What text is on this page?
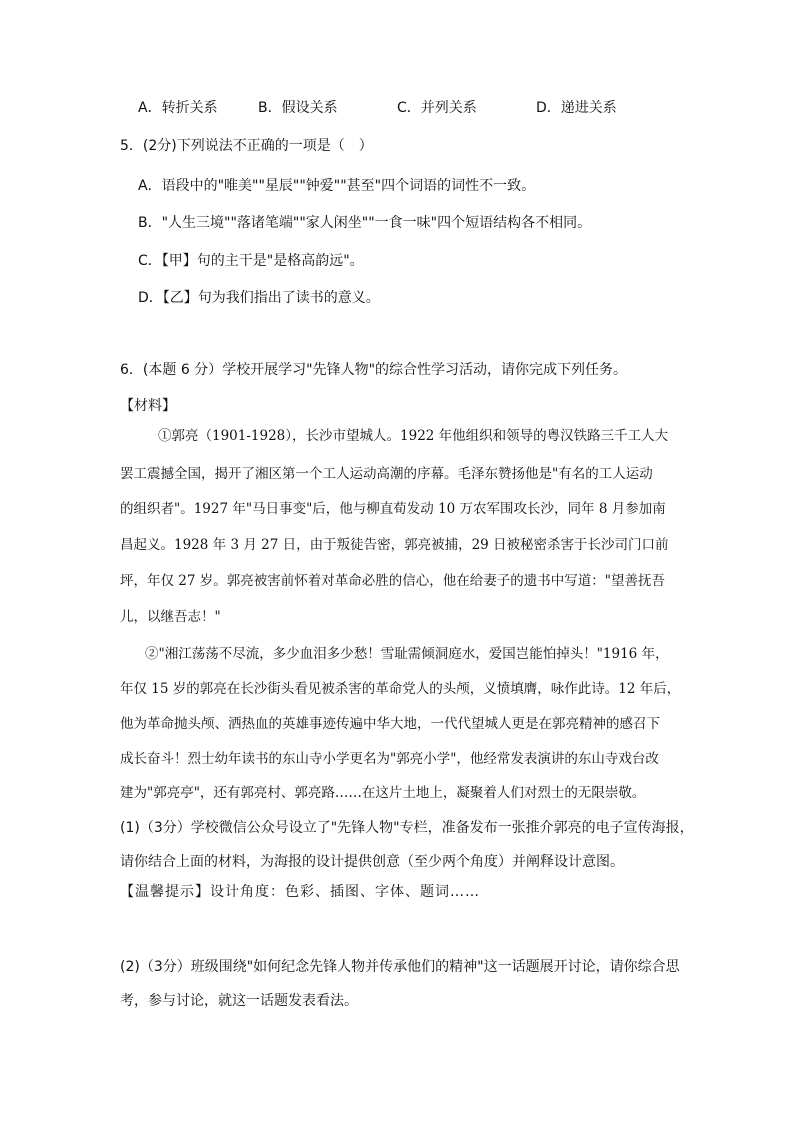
A．转折关系	B．假设关系	C．并列关系	D．递进关系
5．(2分)下列说法不正确的一项是（　）
A．语段中的"唯美""星辰""钟爱""甚至"四个词语的词性不一致。
B．"人生三境""落诸笔端""家人闲坐""一食一味"四个短语结构各不相同。
C．【甲】句的主干是"是格高韵远"。
D．【乙】句为我们指出了读书的意义。
6．(本题 6 分）学校开展学习"先锋人物"的综合性学习活动，请你完成下列任务。
【材料】
①郭亮（1901-1928），长沙市望城人。1922 年他组织和领导的粤汉铁路三千工人大
罢工震撼全国，揭开了湘区第一个工人运动高潮的序幕。毛泽东赞扬他是"有名的工人运动
的组织者"。1927 年"马日事变"后，他与柳直荀发动 10 万农军围攻长沙，同年 8 月参加南
昌起义。1928 年 3 月 27 日，由于叛徒告密，郭亮被捕，29 日被秘密杀害于长沙司门口前
坪，年仅 27 岁。郭亮被害前怀着对革命必胜的信心，他在给妻子的遗书中写道："望善抚吾
儿，以继吾志！"
②"湘江荡荡不尽流，多少血泪多少愁！雪耻需倾洞庭水，爱国岂能怕掉头！"1916 年，
年仅 15 岁的郭亮在长沙街头看见被杀害的革命党人的头颅，义愤填膺，咏作此诗。12 年后，
他为革命抛头颅、洒热血的英雄事迹传遍中华大地，一代代望城人更是在郭亮精神的感召下
成长奋斗！烈士幼年读书的东山寺小学更名为"郭亮小学"，他经常发表演讲的东山寺戏台改
建为"郭亮亭"，还有郭亮村、郭亮路……在这片土地上，凝聚着人们对烈士的无限崇敬。
(1)（3分）学校微信公众号设立了"先锋人物"专栏，准备发布一张推介郭亮的电子宣传海报，
请你结合上面的材料，为海报的设计提供创意（至少两个角度）并阐释设计意图。
【温馨提示】设计角度：色彩、插图、字体、题词……
(2)（3分）班级围绕"如何纪念先锋人物并传承他们的精神"这一话题展开讨论，请你综合思
考，参与讨论，就这一话题发表看法。
